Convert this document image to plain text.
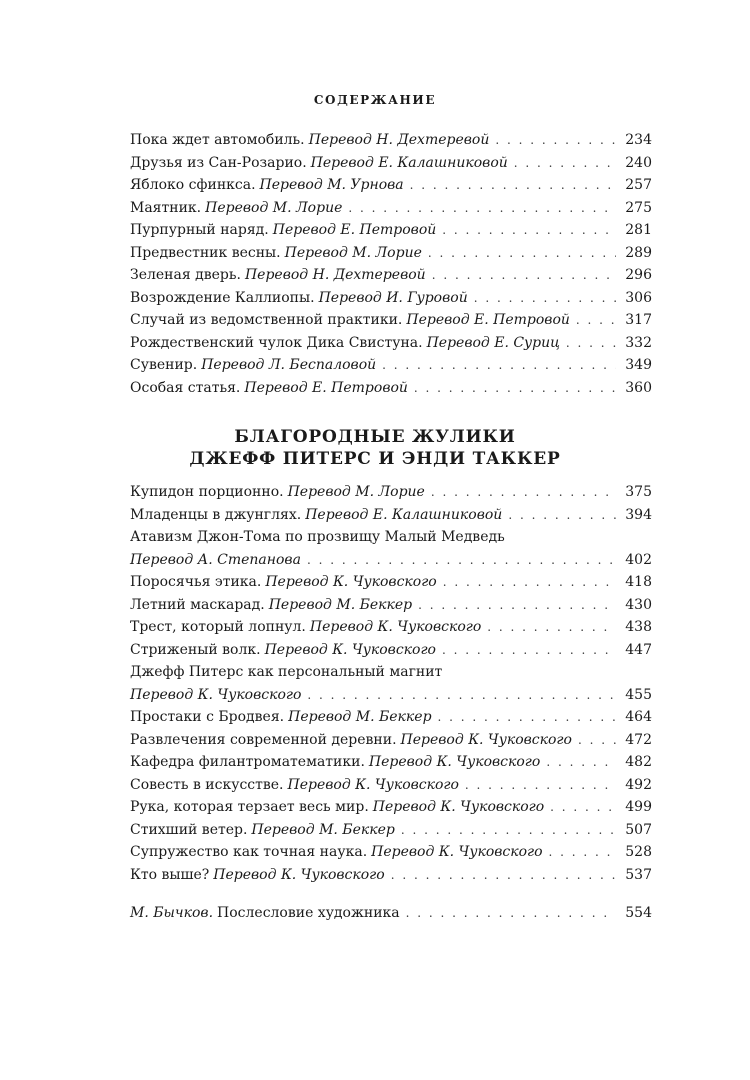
СОДЕРЖАНИЕ
Пока ждет автомобиль. Перевод Н. Дехтеревой . . .	234
Друзья из Сан-Розарио. Перевод Е. Калашниковой . . .	240
Яблоко сфинкса. Перевод М. Урнова . . .	257
Маятник. Перевод М. Лорие . . .	275
Пурпурный наряд. Перевод Е. Петровой . . .	281
Предвестник весны. Перевод М. Лорие . . .	289
Зеленая дверь. Перевод Н. Дехтеревой . . .	296
Возрождение Каллиопы. Перевод И. Гуровой . . .	306
Случай из ведомственной практики. Перевод Е. Петровой . . .	317
Рождественский чулок Дика Свистуна. Перевод Е. Суриц . . .	332
Сувенир. Перевод Л. Беспаловой . . .	349
Особая статья. Перевод Е. Петровой . . .	360
БЛАГОРОДНЫЕ ЖУЛИКИ
ДЖЕФФ ПИТЕРС И ЭНДИ ТАККЕР
Купидон порционно. Перевод М. Лорие . . .	375
Младенцы в джунглях. Перевод Е. Калашниковой . . .	394
Атавизм Джон-Тома по прозвищу Малый Медведь
Перевод А. Степанова . . .	402
Поросячья этика. Перевод К. Чуковского . . .	418
Летний маскарад. Перевод М. Беккер . . .	430
Трест, который лопнул. Перевод К. Чуковского . . .	438
Стриженый волк. Перевод К. Чуковского . . .	447
Джефф Питерс как персональный магнит
Перевод К. Чуковского . . .	455
Простаки с Бродвея. Перевод М. Беккер . . .	464
Развлечения современной деревни. Перевод К. Чуковского . . .	472
Кафедра филантроматематики. Перевод К. Чуковского . . .	482
Совесть в искусстве. Перевод К. Чуковского . . .	492
Рука, которая терзает весь мир. Перевод К. Чуковского . . .	499
Стихший ветер. Перевод М. Беккер . . .	507
Супружество как точная наука. Перевод К. Чуковского . . .	528
Кто выше? Перевод К. Чуковского . . .	537
М. Бычков. Послесловие художника . . .	554
